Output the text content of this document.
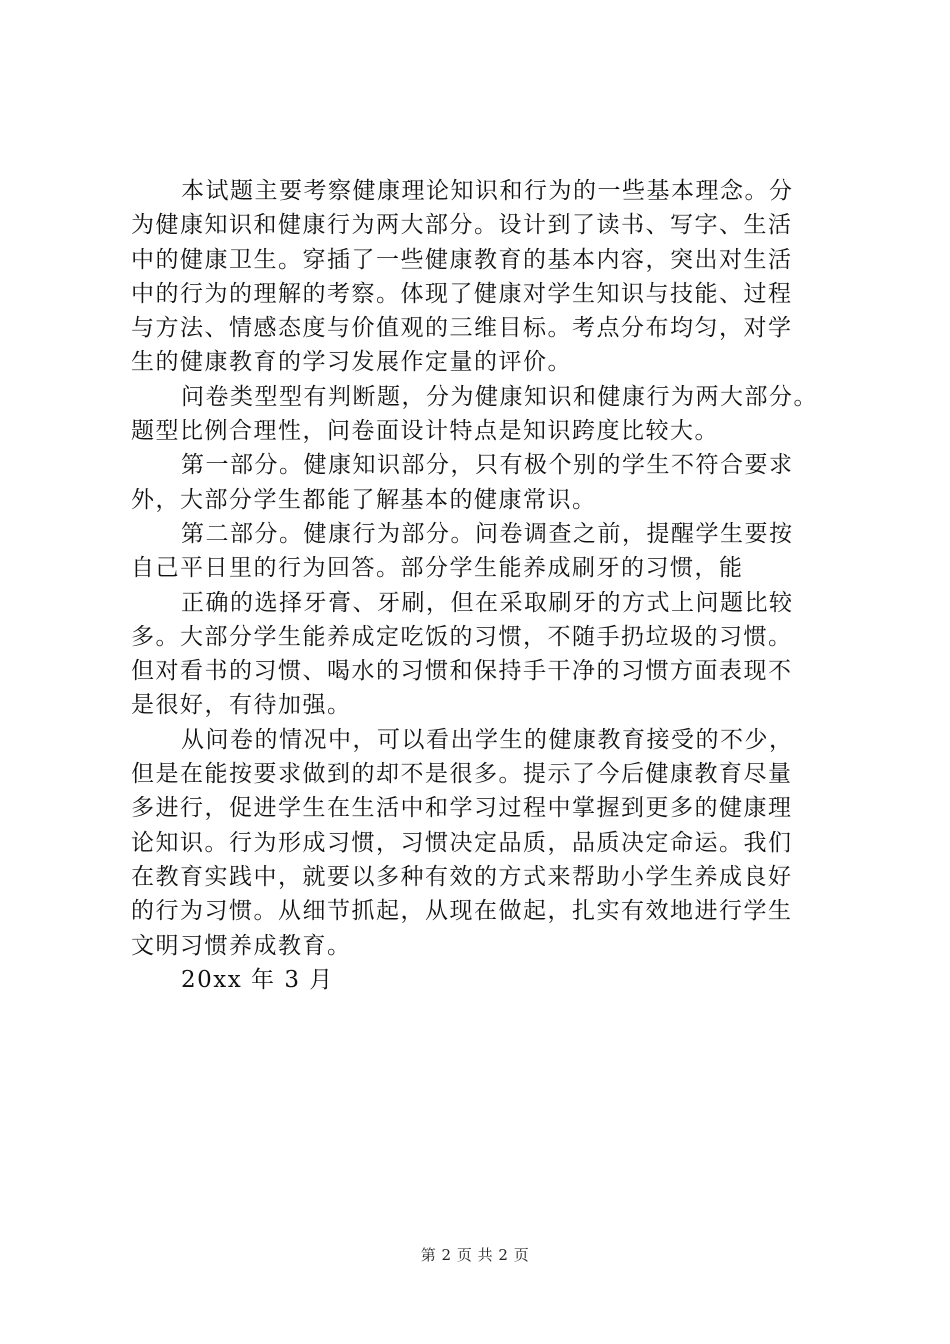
本试题主要考察健康理论知识和行为的一些基本理念。分
为健康知识和健康行为两大部分。设计到了读书、写字、生活
中的健康卫生。穿插了一些健康教育的基本内容，突出对生活
中的行为的理解的考察。体现了健康对学生知识与技能、过程
与方法、情感态度与价值观的三维目标。考点分布均匀，对学
生的健康教育的学习发展作定量的评价。
问卷类型型有判断题，分为健康知识和健康行为两大部分。
题型比例合理性，问卷面设计特点是知识跨度比较大。
第一部分。健康知识部分，只有极个别的学生不符合要求
外，大部分学生都能了解基本的健康常识。
第二部分。健康行为部分。问卷调查之前，提醒学生要按
自己平日里的行为回答。部分学生能养成刷牙的习惯，能
正确的选择牙膏、牙刷，但在采取刷牙的方式上问题比较
多。大部分学生能养成定吃饭的习惯，不随手扔垃圾的习惯。
但对看书的习惯、喝水的习惯和保持手干净的习惯方面表现不
是很好，有待加强。
从问卷的情况中，可以看出学生的健康教育接受的不少，
但是在能按要求做到的却不是很多。提示了今后健康教育尽量
多进行，促进学生在生活中和学习过程中掌握到更多的健康理
论知识。行为形成习惯，习惯决定品质，品质决定命运。我们
在教育实践中，就要以多种有效的方式来帮助小学生养成良好
的行为习惯。从细节抓起，从现在做起，扎实有效地进行学生
文明习惯养成教育。
20xx 年 3 月
第 2 页 共 2 页
